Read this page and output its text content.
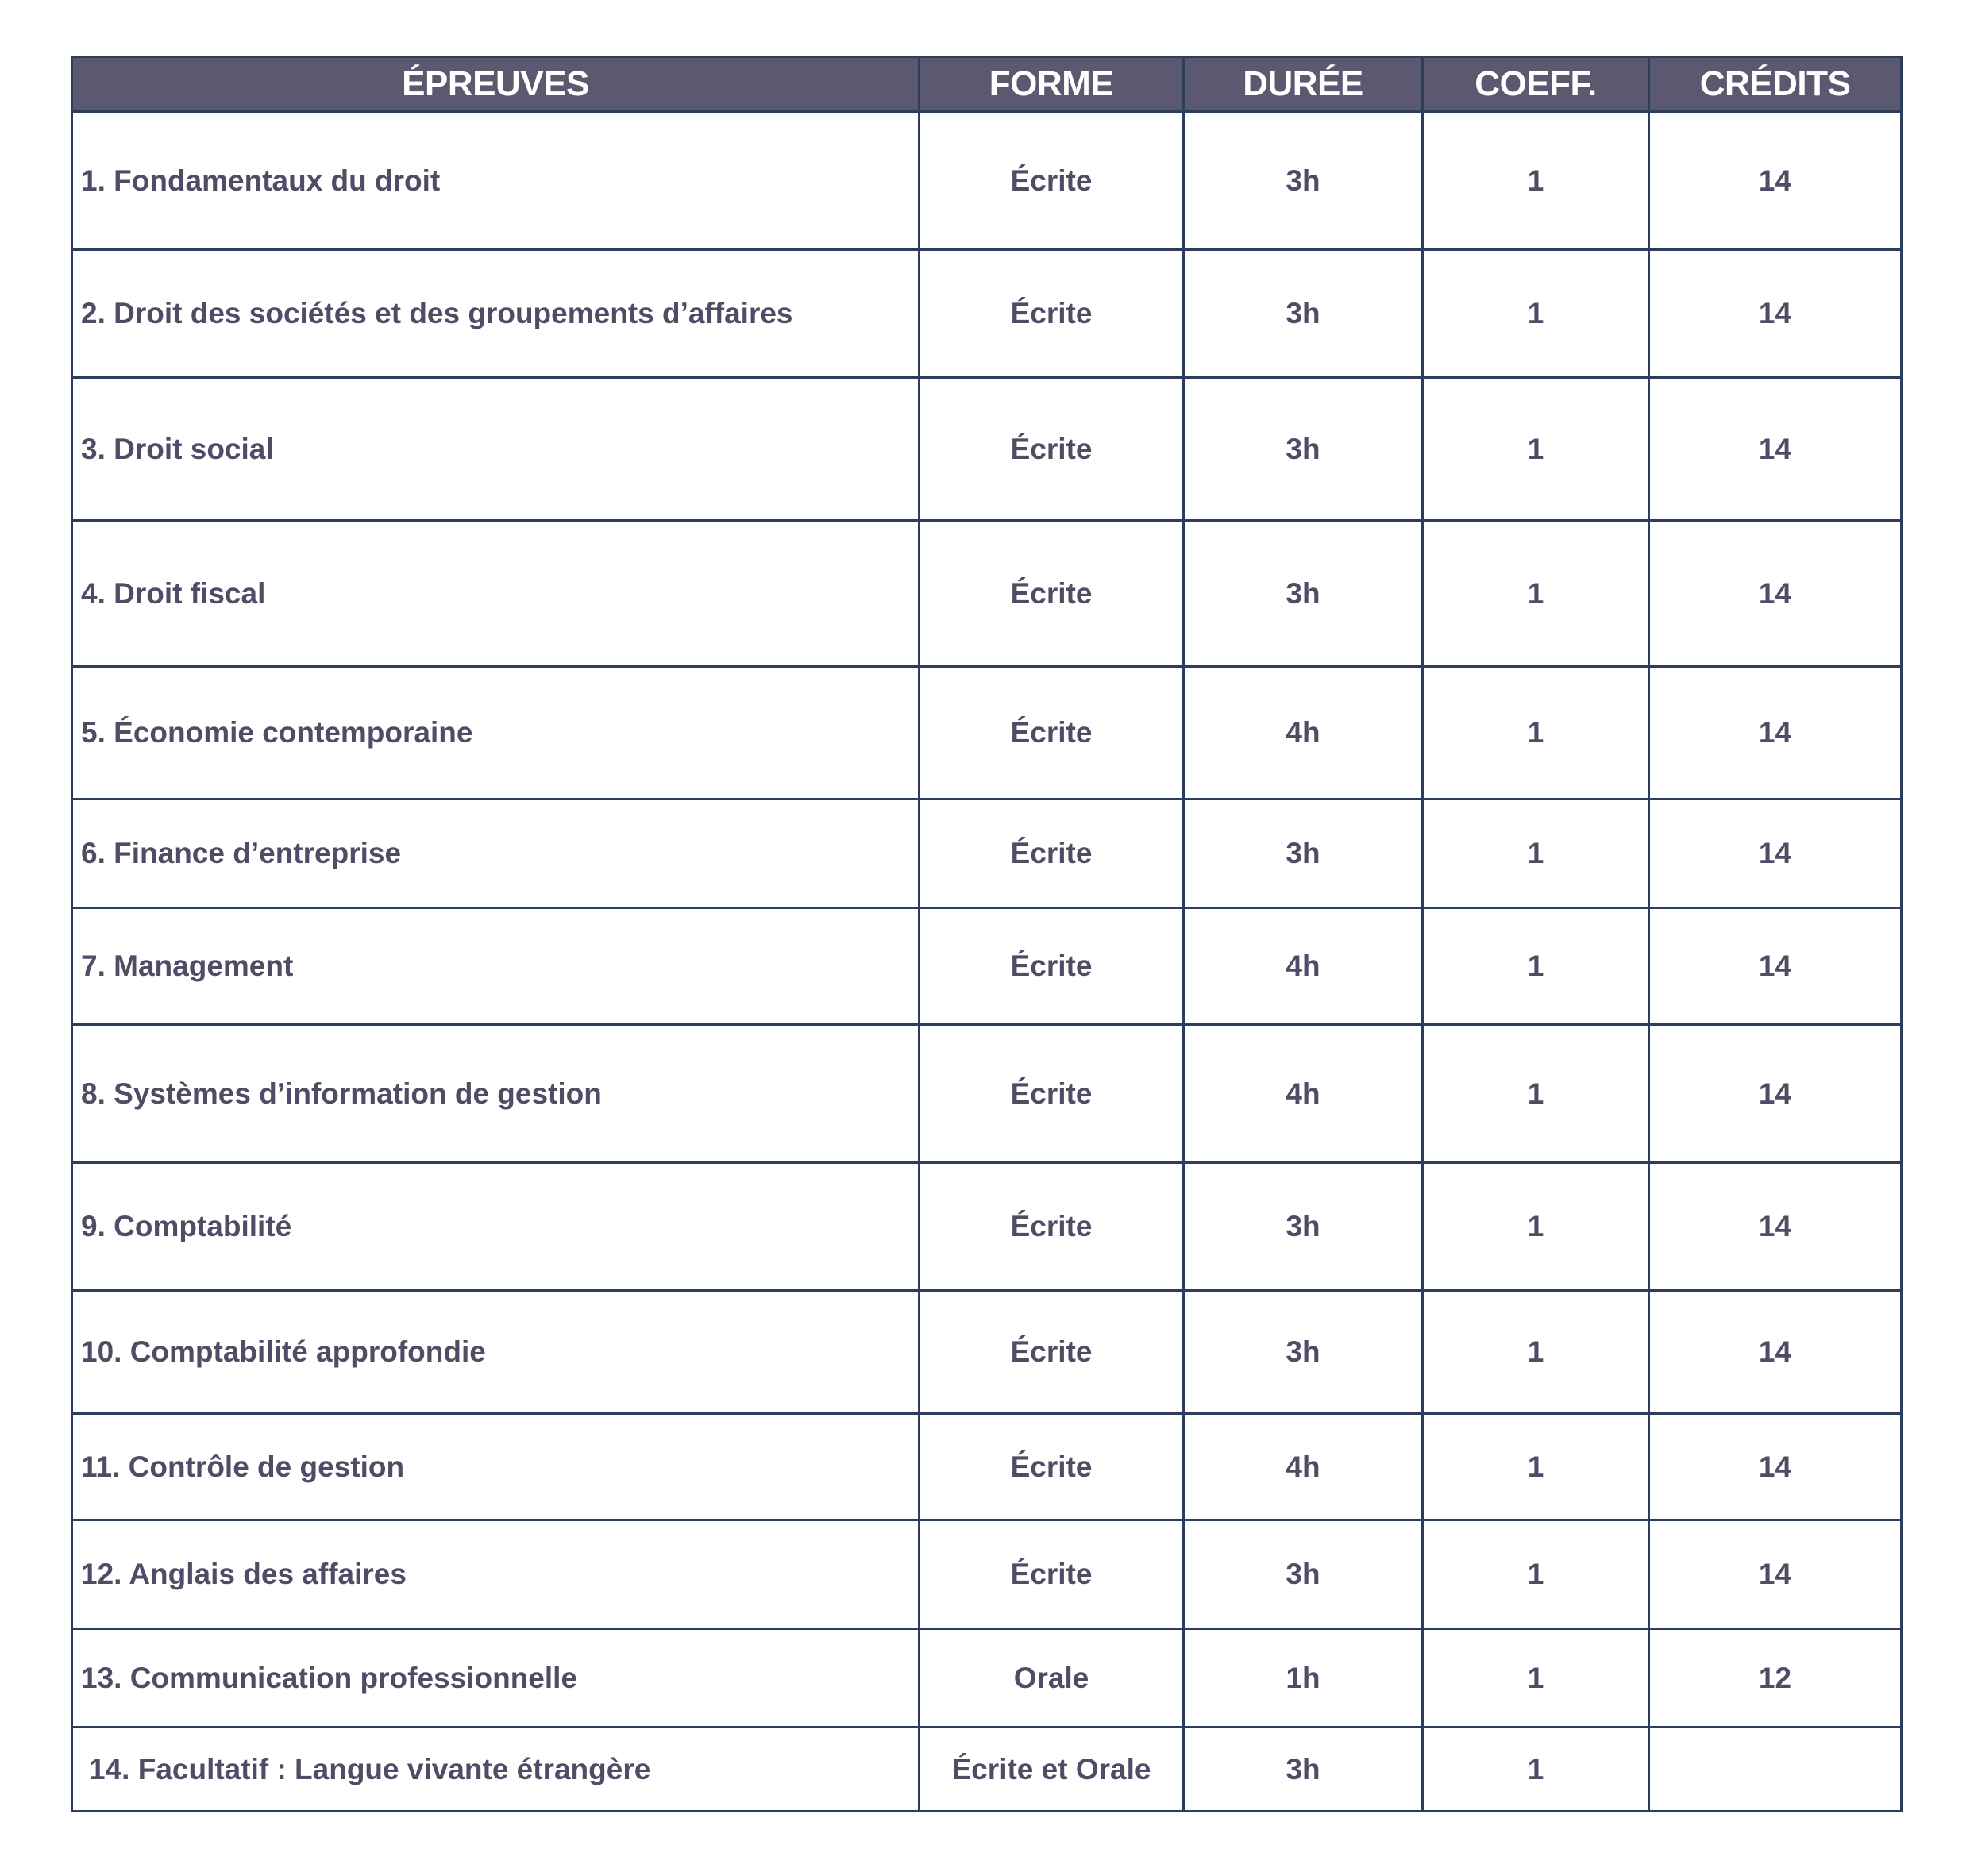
ÉPREUVES	FORME	DURÉE	COEFF.	CRÉDITS
1. Fondamentaux du droit	Écrite	3h	1	14
2. Droit des sociétés et des groupements d’affaires	Écrite	3h	1	14
3. Droit social	Écrite	3h	1	14
4. Droit fiscal	Écrite	3h	1	14
5. Économie contemporaine	Écrite	4h	1	14
6. Finance d’entreprise	Écrite	3h	1	14
7. Management	Écrite	4h	1	14
8. Systèmes d’information de gestion	Écrite	4h	1	14
9. Comptabilité	Écrite	3h	1	14
10. Comptabilité approfondie	Écrite	3h	1	14
11. Contrôle de gestion	Écrite	4h	1	14
12. Anglais des affaires	Écrite	3h	1	14
13. Communication professionnelle	Orale	1h	1	12
14. Facultatif : Langue vivante étrangère	Écrite et Orale	3h	1	
